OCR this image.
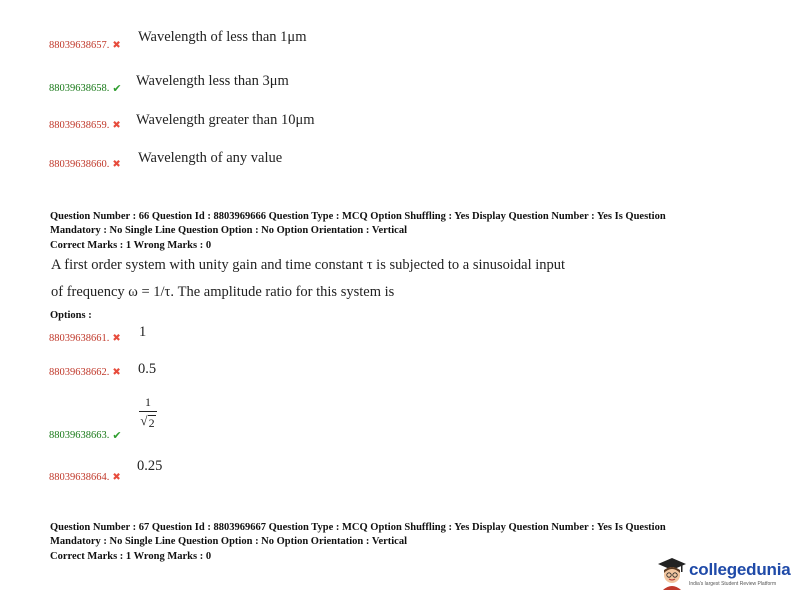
88039638657. ✖
Wavelength of less than 1μm
88039638658. ✔ Wavelength less than 3μm
88039638659. ✖ Wavelength greater than 10μm
88039638660. ✖ Wavelength of any value
Question Number : 66 Question Id : 8803969666 Question Type : MCQ Option Shuffling : Yes Display Question Number : Yes Is Question
Mandatory : No Single Line Question Option : No Option Orientation : Vertical
Correct Marks : 1 Wrong Marks : 0
A first order system with unity gain and time constant τ is subjected to a sinusoidal input
of frequency ω = 1/τ. The amplitude ratio for this system is
Options :
88039638661. ✖ 1
88039638662. ✖ 0.5
1
√ 2
88039638663. ✔
0.25
88039638664. ✖
Question Number : 67 Question Id : 8803969667 Question Type : MCQ Option Shuffling : Yes Display Question Number : Yes Is Question
Mandatory : No Single Line Question Option : No Option Orientation : Vertical
Correct Marks : 1 Wrong Marks : 0
collegedunia
India's largest Student Review Platform
